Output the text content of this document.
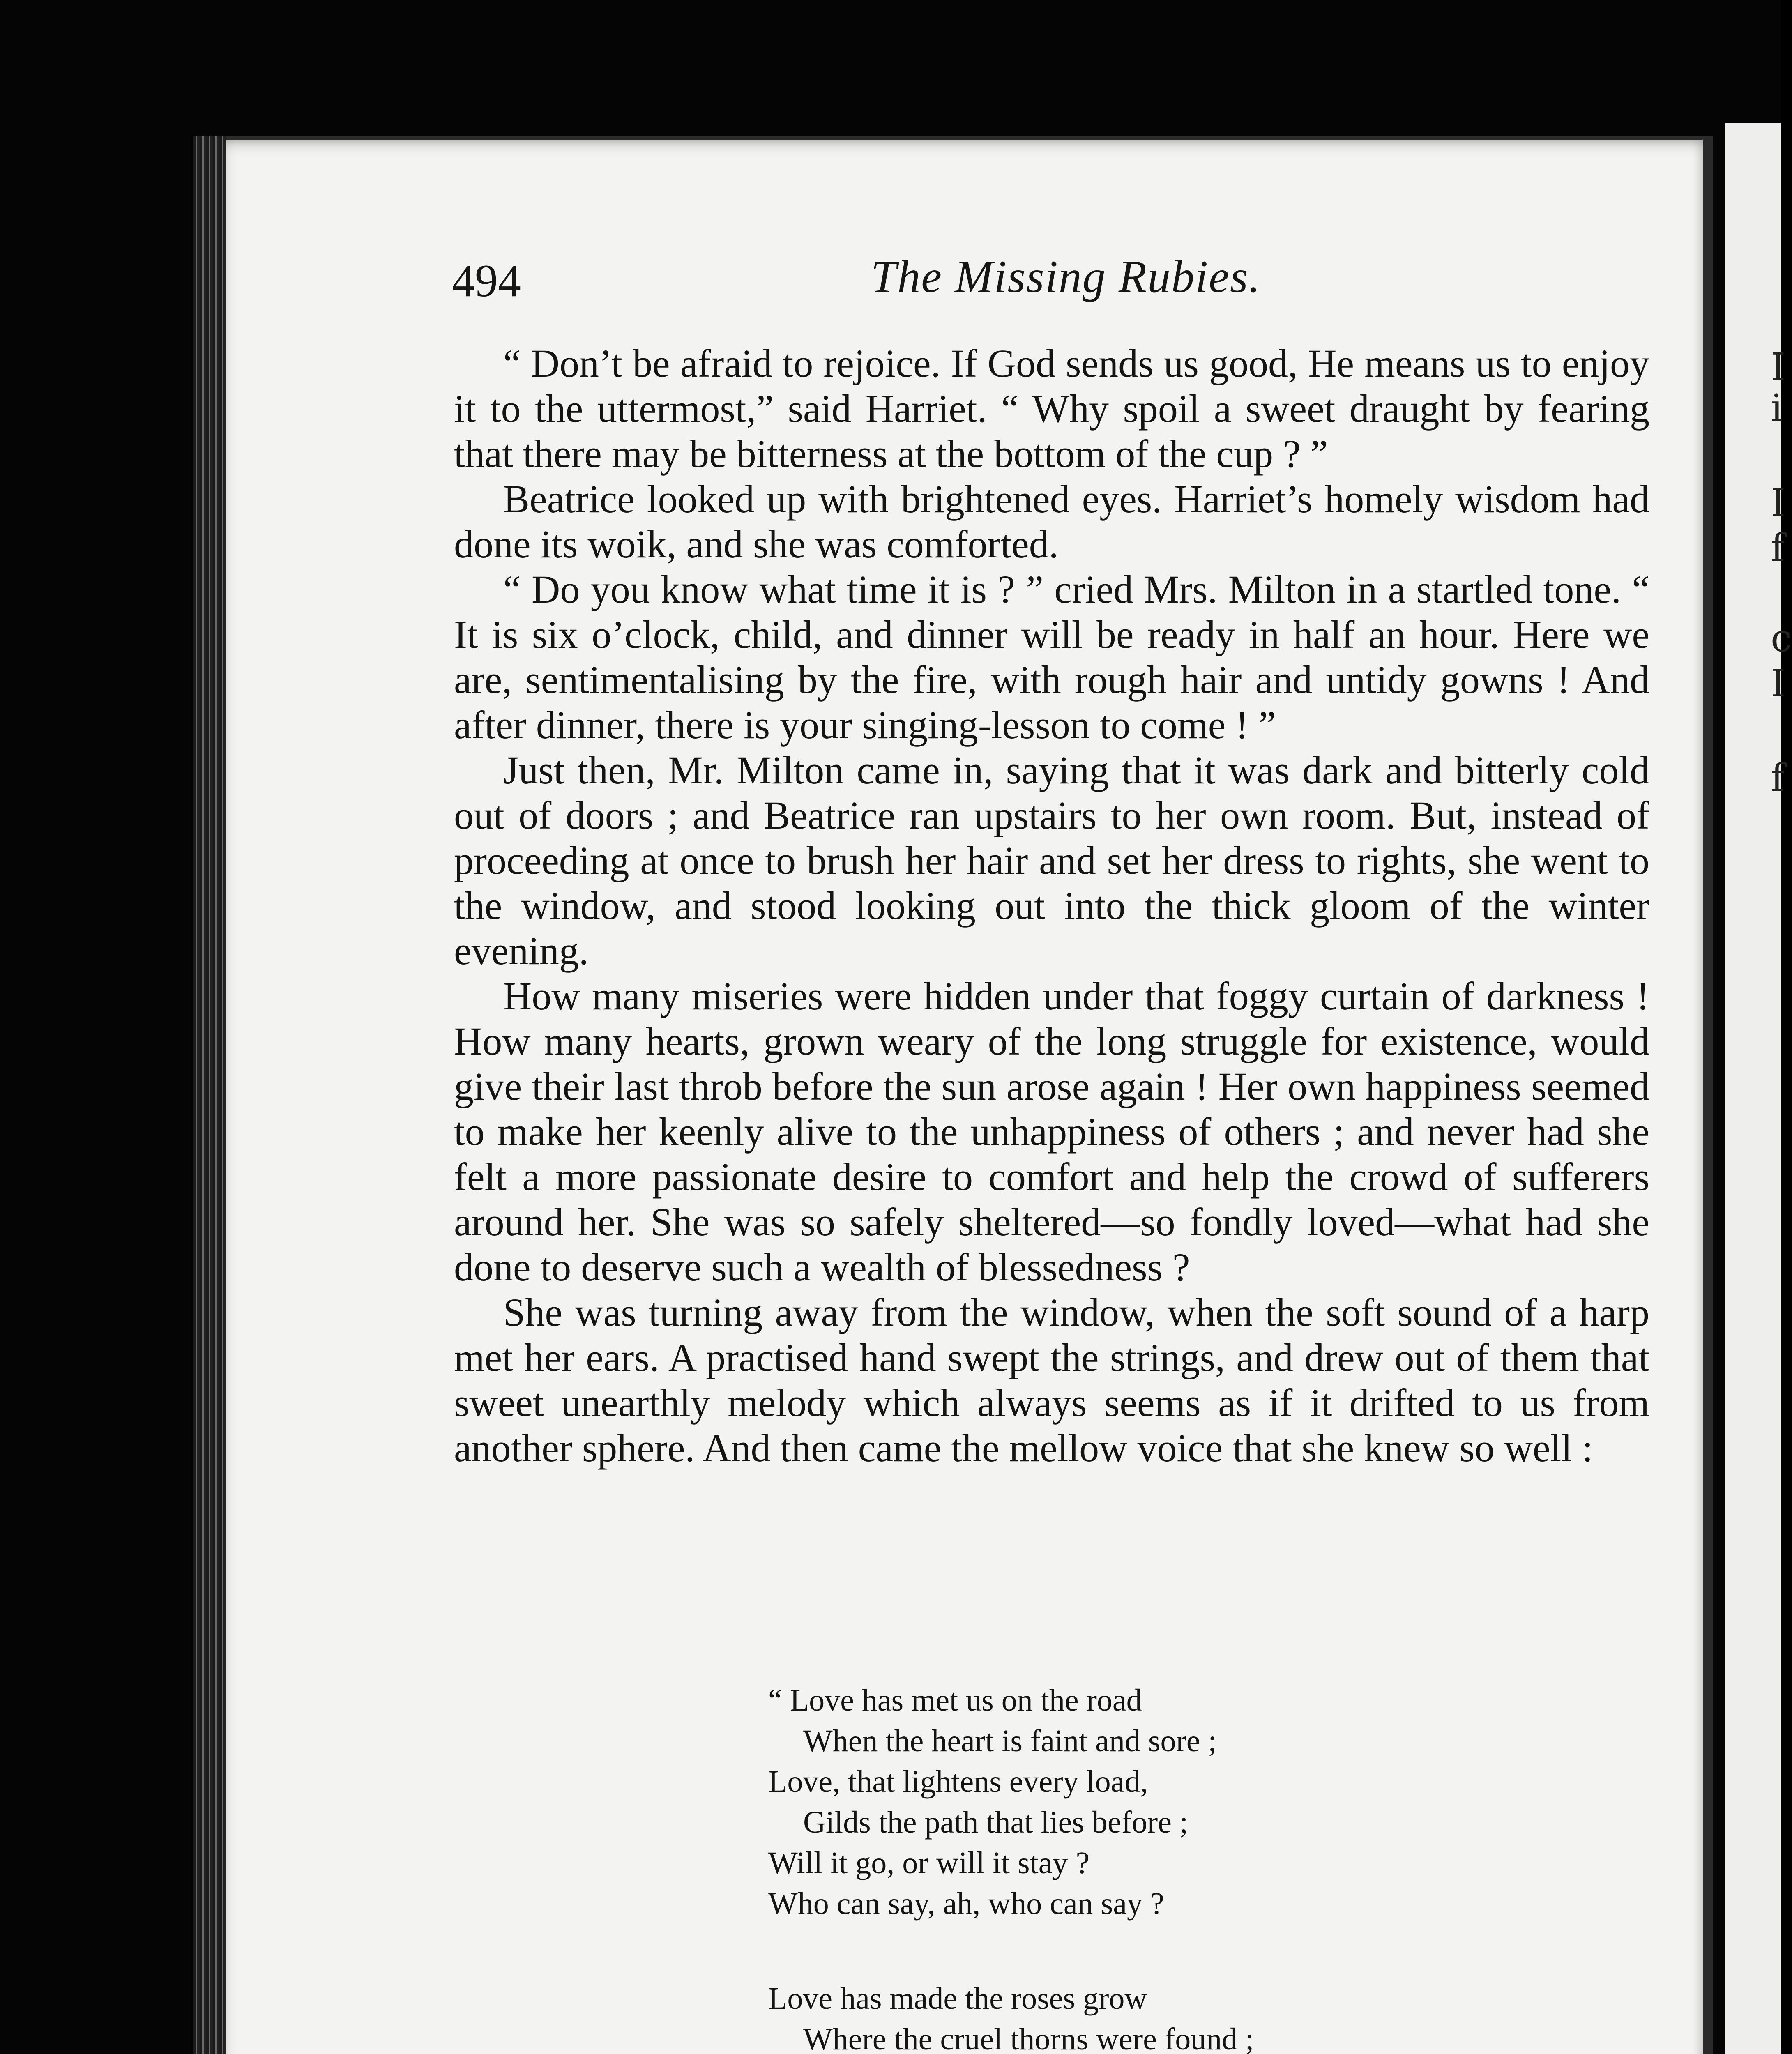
I
i
I
f
c
I
f
494	The Missing Rubies.

“ Don’t be afraid to rejoice. If God sends us good, He means us to enjoy it to the uttermost,” said Harriet. “ Why spoil a sweet draught by fearing that there may be bitterness at the bottom of the cup ? ”

Beatrice looked up with brightened eyes. Harriet’s homely wisdom had done its woik, and she was comforted.

“ Do you know what time it is ? ” cried Mrs. Milton in a startled tone. “ It is six o’clock, child, and dinner will be ready in half an hour. Here we are, sentimentalising by the fire, with rough hair and untidy gowns ! And after dinner, there is your singing-lesson to come ! ”

Just then, Mr. Milton came in, saying that it was dark and bitterly cold out of doors ; and Beatrice ran upstairs to her own room. But, instead of proceeding at once to brush her hair and set her dress to rights, she went to the window, and stood looking out into the thick gloom of the winter evening.

How many miseries were hidden under that foggy curtain of darkness ! How many hearts, grown weary of the long struggle for existence, would give their last throb before the sun arose again ! Her own happiness seemed to make her keenly alive to the unhappiness of others ; and never had she felt a more passionate desire to comfort and help the crowd of sufferers around her. She was so safely sheltered—so fondly loved—what had she done to deserve such a wealth of blessedness ?

She was turning away from the window, when the soft sound of a harp met her ears. A practised hand swept the strings, and drew out of them that sweet unearthly melody which always seems as if it drifted to us from another sphere. And then came the mellow voice that she knew so well :

“ Love has met us on the road
When the heart is faint and sore ;
Love, that lightens every load,
Gilds the path that lies before ;
Will it go, or will it stay ?
Who can say, ah, who can say ?
Love has made the roses grow
Where the cruel thorns were found ;
